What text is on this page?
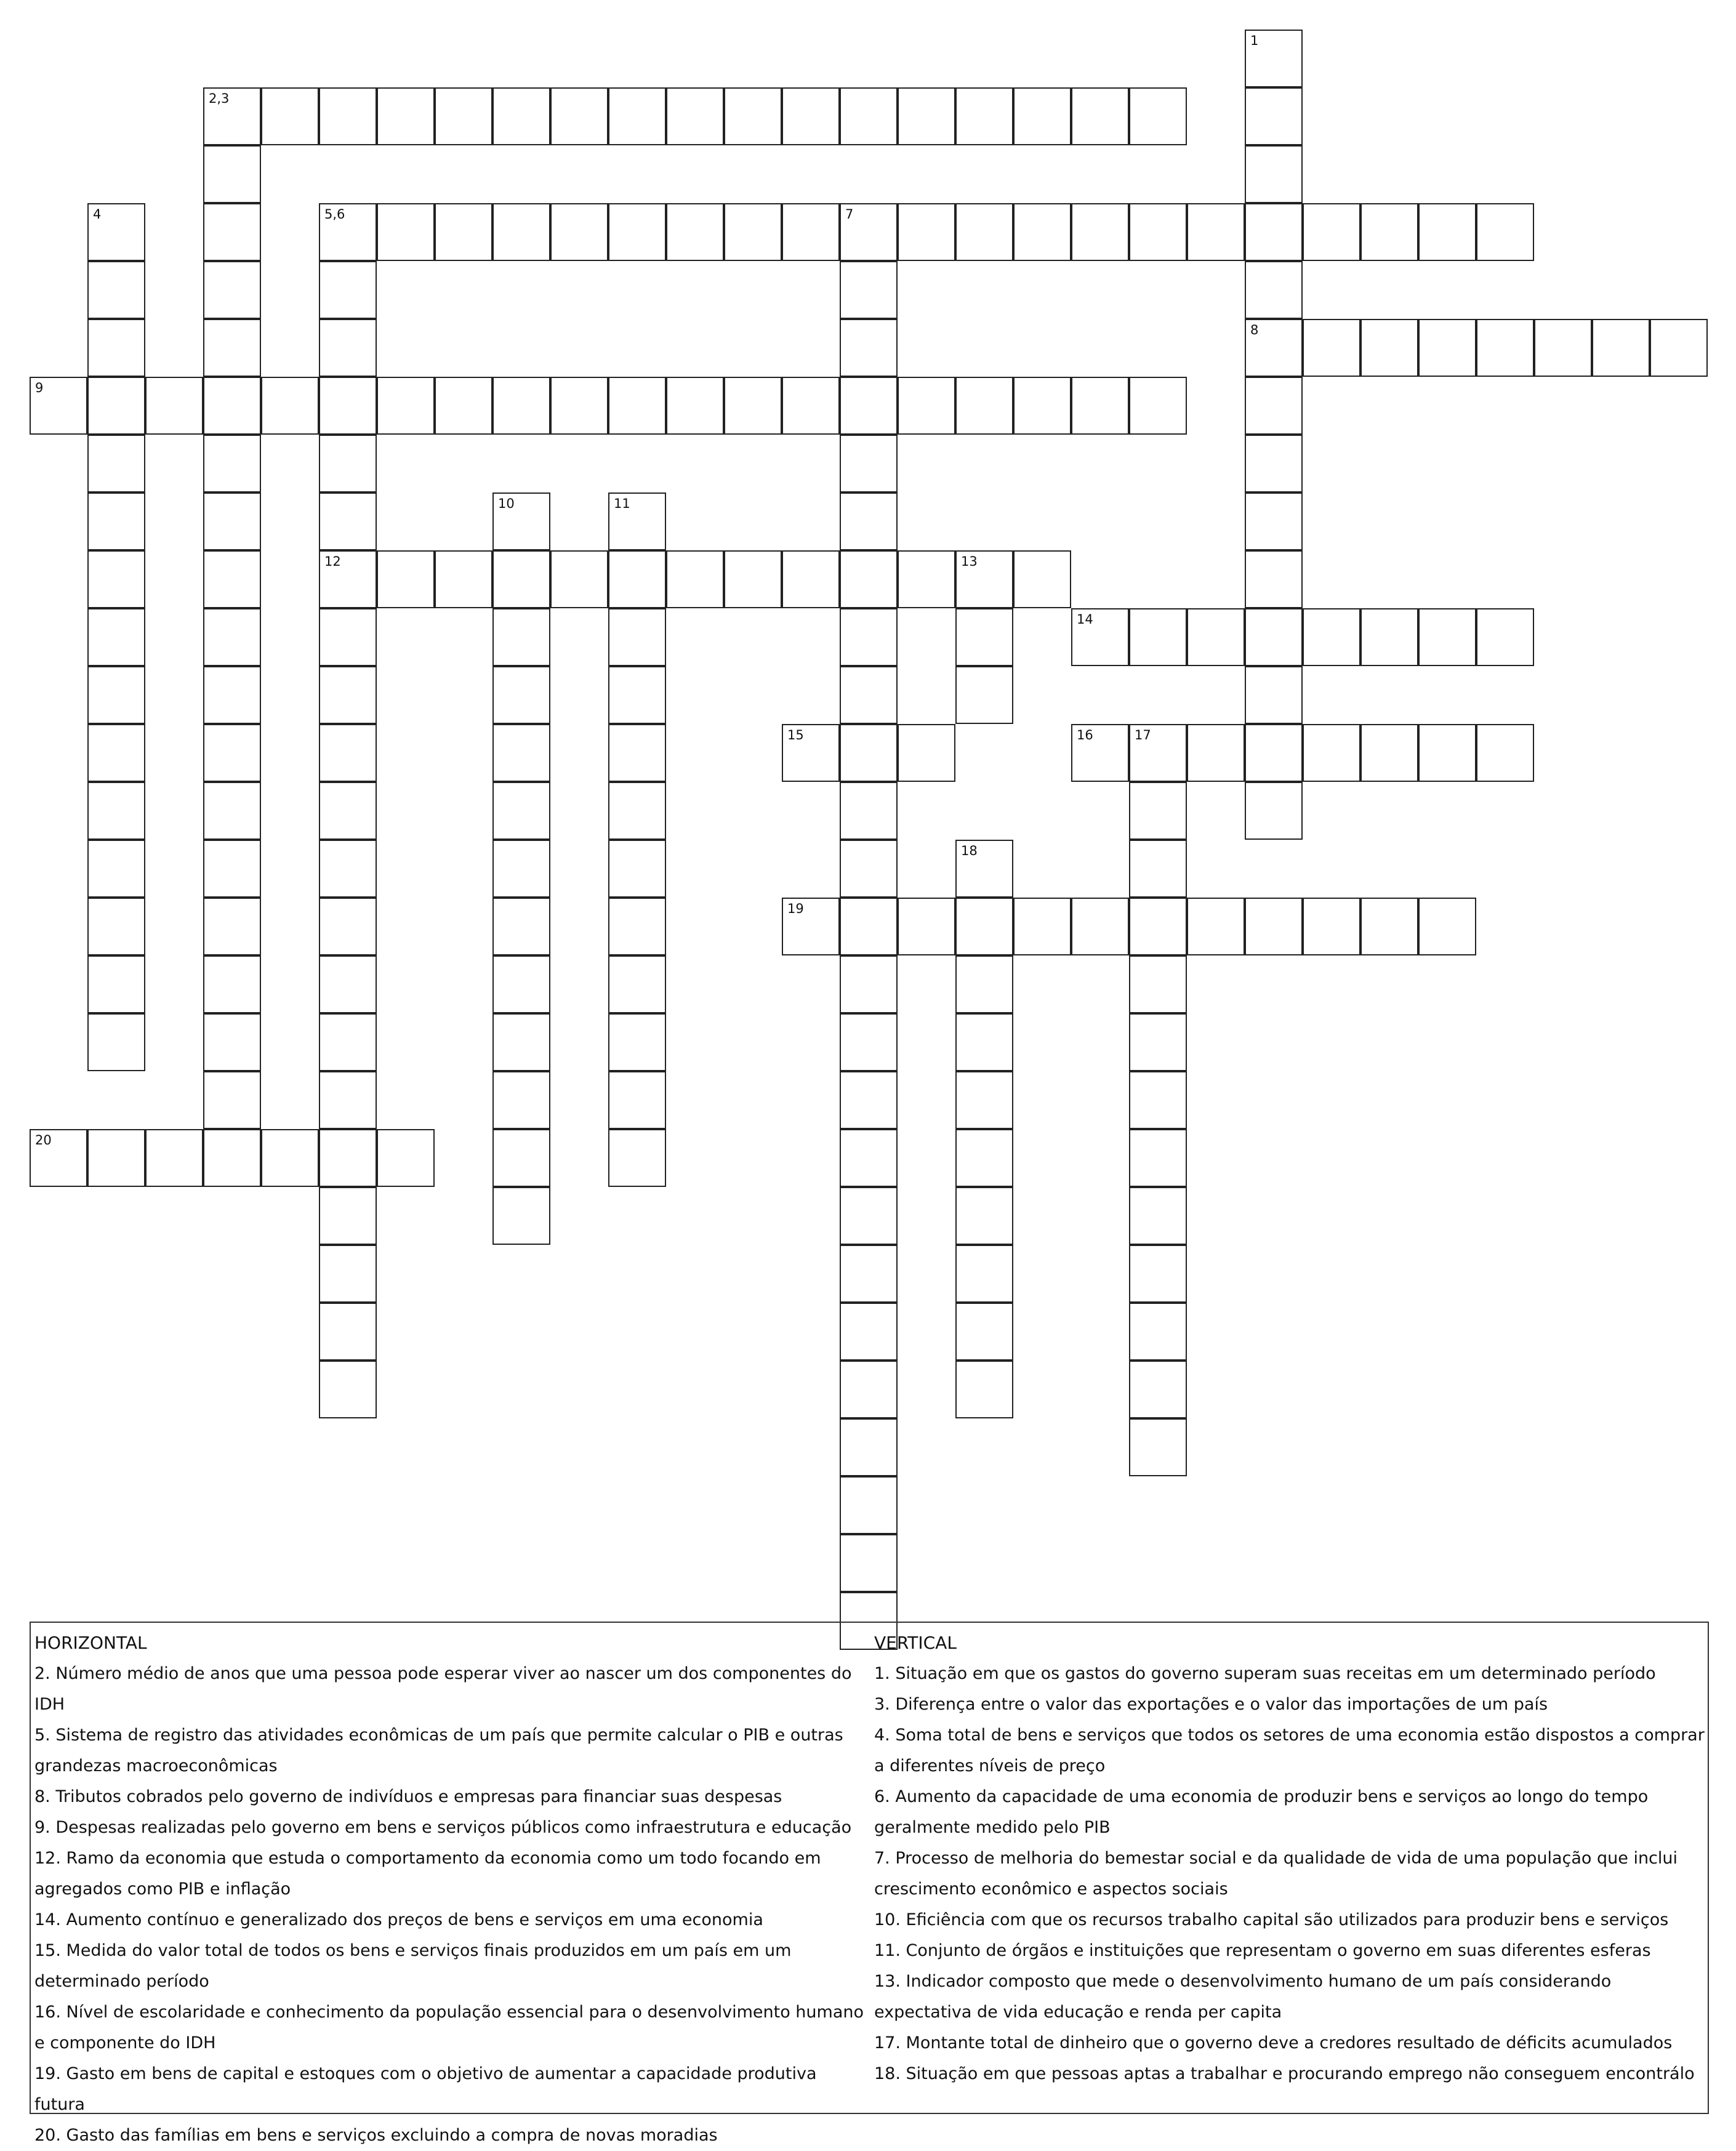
1
8
2,3
4	5,6	7
12
9
10	11
13
14
15	16	17
18
19
20

HORIZONTAL

2. Número médio de anos que uma pessoa pode esperar viver ao nascer um dos componentes do IDH

5. Sistema de registro das atividades econômicas de um país que permite calcular o PIB e outras grandezas macroeconômicas

8. Tributos cobrados pelo governo de indivíduos e empresas para financiar suas despesas

9. Despesas realizadas pelo governo em bens e serviços públicos como infraestrutura e educação

12. Ramo da economia que estuda o comportamento da economia como um todo focando em agregados como PIB e inflação

14. Aumento contínuo e generalizado dos preços de bens e serviços em uma economia

15. Medida do valor total de todos os bens e serviços finais produzidos em um país em um determinado período

16. Nível de escolaridade e conhecimento da população essencial para o desenvolvimento humano e componente do IDH

19. Gasto em bens de capital e estoques com o objetivo de aumentar a capacidade produtiva futura

20. Gasto das famílias em bens e serviços excluindo a compra de novas moradias

VERTICAL

1. Situação em que os gastos do governo superam suas receitas em um determinado período

3. Diferença entre o valor das exportações e o valor das importações de um país

4. Soma total de bens e serviços que todos os setores de uma economia estão dispostos a comprar a diferentes níveis de preço

6. Aumento da capacidade de uma economia de produzir bens e serviços ao longo do tempo geralmente medido pelo PIB

7. Processo de melhoria do bemestar social e da qualidade de vida de uma população que inclui crescimento econômico e aspectos sociais

10. Eficiência com que os recursos trabalho capital são utilizados para produzir bens e serviços

11. Conjunto de órgãos e instituições que representam o governo em suas diferentes esferas

13. Indicador composto que mede o desenvolvimento humano de um país considerando expectativa de vida educação e renda per capita

17. Montante total de dinheiro que o governo deve a credores resultado de déficits acumulados

18. Situação em que pessoas aptas a trabalhar e procurando emprego não conseguem encontrálo
